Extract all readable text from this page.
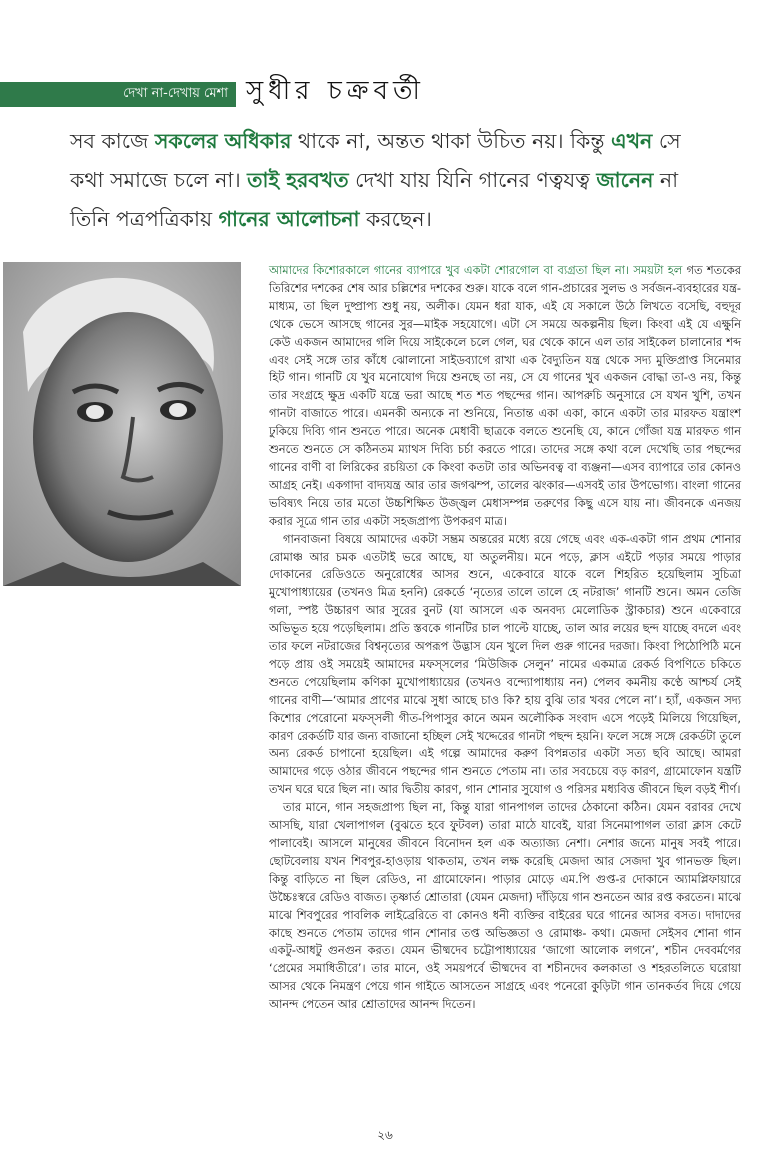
দেখা না-দেখায় মেশা সুধীর চক্রবর্তী
সব কাজে সকলের অধিকার থাকে না, অন্তত থাকা উচিত নয়। কিন্তু এখন সে কথা সমাজে চলে না। তাই হরবখত দেখা যায় যিনি গানের ণত্বযত্ব জানেন না তিনি পত্রপত্রিকায় গানের আলোচনা করছেন।

আমাদের কিশোরকালে গানের ব্যাপারে খুব একটা শোরগোল বা ব্যগ্রতা ছিল না। সময়টা হল গত শতকের তিরিশের দশকের শেষ আর চল্লিশের দশকের শুরু। যাকে বলে গান-প্রচারের সুলভ ও সর্বজন-ব্যবহারের যন্ত্র-মাধ্যম, তা ছিল দুষ্প্রাপ্য শুধু নয়, অলীক। যেমন ধরা যাক, এই যে সকালে উঠে লিখতে বসেছি, বহুদূর থেকে ভেসে আসছে গানের সুর—মাইক সহযোগে। এটা সে সময়ে অকল্পনীয় ছিল। কিংবা এই যে এক্ষুনি কেউ একজন আমাদের গলি দিয়ে সাইকেলে চলে গেল, ঘর থেকে কানে এল তার সাইকেল চালানোর শব্দ এবং সেই সঙ্গে তার কাঁধে ঝোলানো সাইডব্যাগে রাখা এক বৈদ্যুতিন যন্ত্র থেকে সদ্য মুক্তিপ্রাপ্ত সিনেমার হিট গান। গানটি যে খুব মনোযোগ দিয়ে শুনছে তা নয়, সে যে গানের খুব একজন বোদ্ধা তা-ও নয়, কিন্তু তার সংগ্রহে ক্ষুদ্র একটি যন্ত্রে ভরা আছে শত শত পছন্দের গান। আপরুচি অনুসারে সে যখন খুশি, তখন গানটা বাজাতে পারে। এমনকী অন্যকে না শুনিয়ে, নিতান্ত একা একা, কানে একটা তার মারফত যন্ত্রাংশ ঢুকিয়ে দিব্যি গান শুনতে পারে। অনেক মেধাবী ছাত্রকে বলতে শুনেছি যে, কানে গোঁজা যন্ত্র মারফত গান শুনতে শুনতে সে কঠিনতম ম্যাথস দিব্যি চর্চা করতে পারে। তাদের সঙ্গে কথা বলে দেখেছি তার পছন্দের গানের বাণী বা লিরিকের রচয়িতা কে কিংবা কতটা তার অভিনবত্ব বা ব্যঞ্জনা—এসব ব্যাপারে তার কোনও আগ্রহ নেই। একগাদা বাদ্যযন্ত্র আর তার জগঝম্প, তালের ঝংকার—এসবই তার উপভোগ্য। বাংলা গানের ভবিষ্যৎ নিয়ে তার মতো উচ্চশিক্ষিত উজ্জ্বল মেধাসম্পন্ন তরুণের কিছু এসে যায় না। জীবনকে এনজয় করার সূত্রে গান তার একটা সহজপ্রাপ্য উপকরণ মাত্র।

গানবাজনা বিষয়ে আমাদের একটা সম্ভ্রম অন্তরের মধ্যে রয়ে গেছে এবং এক-একটা গান প্রথম শোনার রোমাঞ্চ আর চমক এতটাই ভরে আছে, যা অতুলনীয়। মনে পড়ে, ক্লাস এইটে পড়ার সময়ে পাড়ার দোকানের রেডিওতে অনুরোধের আসর শুনে, একেবারে যাকে বলে শিহরিত হয়েছিলাম সুচিত্রা মুখোপাধ্যায়ের (তখনও মিত্র হননি) রেকর্ডে ‘নৃত্যের তালে তালে হে নটরাজ’ গানটি শুনে। অমন তেজি গলা, স্পষ্ট উচ্চারণ আর সুরের বুনট (যা আসলে এক অনবদ্য মেলোডিক স্ট্রাকচার) শুনে একেবারে অভিভূত হয়ে পড়েছিলাম। প্রতি স্তবকে গানটির চাল পাল্টে যাচ্ছে, তাল আর লয়ের ছন্দ যাচ্ছে বদলে এবং তার ফলে নটরাজের বিশ্বনৃত্যের অপরূপ উদ্ভাস যেন খুলে দিল গুরু গানের দরজা। কিংবা পিঠোপিঠি মনে পড়ে প্রায় ওই সময়েই আমাদের মফস্সলের ‘মিউজিক সেলুন’ নামের একমাত্র রেকর্ড বিপণিতে চকিতে শুনতে পেয়েছিলাম কণিকা মুখোপাধ্যায়ের (তখনও বন্দ্যোপাধ্যায় নন) পেলব কমনীয় কণ্ঠে আশ্চর্য সেই গানের বাণী—‘আমার প্রাণের মাঝে সুধা আছে চাও কি? হায় বুঝি তার খবর পেলে না’। হ্যাঁ, একজন সদ্য কিশোর পেরোনো মফস্সলী গীত-পিপাসুর কানে অমন অলৌকিক সংবাদ এসে পড়েই মিলিয়ে গিয়েছিল, কারণ রেকর্ডটি যার জন্য বাজানো হচ্ছিল সেই খদ্দেরের গানটা পছন্দ হয়নি। ফলে সঙ্গে সঙ্গে রেকর্ডটা তুলে অন্য রেকর্ড চাপানো হয়েছিল। এই গল্পে আমাদের করুণ বিপন্নতার একটা সত্য ছবি আছে। আমরা আমাদের গড়ে ওঠার জীবনে পছন্দের গান শুনতে পেতাম না। তার সবচেয়ে বড় কারণ, গ্রামোফোন যন্ত্রটি তখন ঘরে ঘরে ছিল না। আর দ্বিতীয় কারণ, গান শোনার সুযোগ ও পরিসর মধ্যবিত্ত জীবনে ছিল বড়ই শীর্ণ।

তার মানে, গান সহজপ্রাপ্য ছিল না, কিন্তু যারা গানপাগল তাদের ঠেকানো কঠিন। যেমন বরাবর দেখে আসছি, যারা খেলাপাগল (বুঝতে হবে ফুটবল) তারা মাঠে যাবেই, যারা সিনেমাপাগল তারা ক্লাস কেটে পালাবেই। আসলে মানুষের জীবনে বিনোদন হল এক অত্যাজ্য নেশা। নেশার জন্যে মানুষ সবই পারে। ছোটবেলায় যখন শিবপুর-হাওড়ায় থাকতাম, তখন লক্ষ করেছি মেজদা আর সেজদা খুব গানভক্ত ছিল। কিন্তু বাড়িতে না ছিল রেডিও, না গ্রামোফোন। পাড়ার মোড়ে এম.পি গুপ্ত-র দোকানে অ্যামপ্লিফায়ারে উচ্চৈঃস্বরে রেডিও বাজত। তৃষ্ণার্ত শ্রোতারা (যেমন মেজদা) দাঁড়িয়ে গান শুনতেন আর রপ্ত করতেন। মাঝে মাঝে শিবপুরের পাবলিক লাইব্রেরিতে বা কোনও ধনী ব্যক্তির বাইরের ঘরে গানের আসর বসত। দাদাদের কাছে শুনতে পেতাম তাদের গান শোনার তপ্ত অভিজ্ঞতা ও রোমাঞ্চ- কথা। মেজদা সেইসব শোনা গান একটু-আধটু গুনগুন করত। যেমন ভীষ্মদেব চট্টোপাধ্যায়ের ‘জাগো আলোক লগনে’, শচীন দেববর্মণের ‘প্রেমের সমাধিতীরে’। তার মানে, ওই সময়পর্বে ভীষ্মদেব বা শচীনদেব কলকাতা ও শহরতলিতে ঘরোয়া আসর থেকে নিমন্ত্রণ পেয়ে গান গাইতে আসতেন সাগ্রহে এবং পনেরো কুড়িটা গান তানকর্তব দিয়ে গেয়ে আনন্দ পেতেন আর শ্রোতাদের আনন্দ দিতেন।

২৬
